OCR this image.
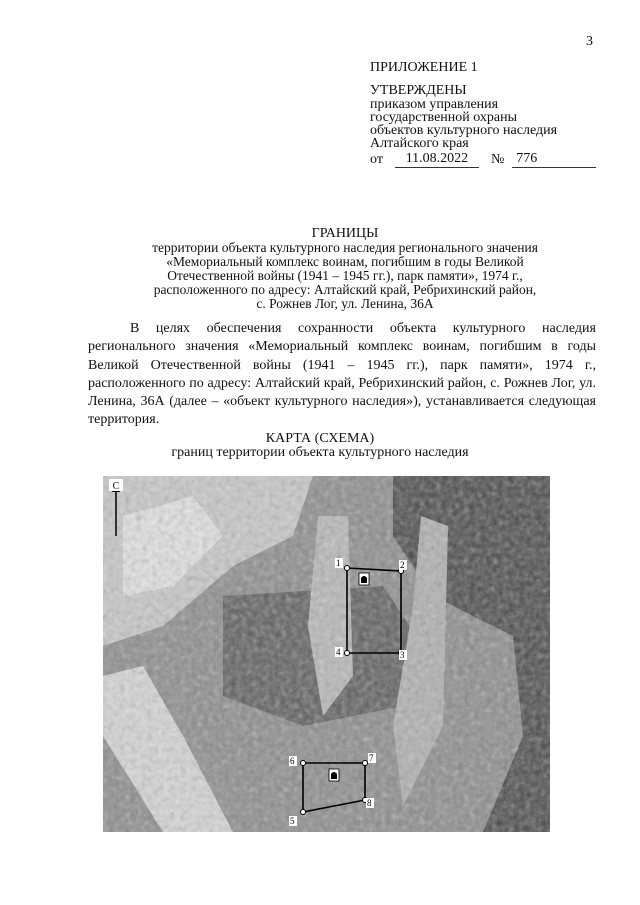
3
ПРИЛОЖЕНИЕ 1
УТВЕРЖДЕНЫ
приказом управления
государственной охраны
объектов культурного наследия
Алтайского края
от	11.08.2022	№ 776
ГРАНИЦЫ
территории объекта культурного наследия регионального значения
«Мемориальный комплекс воинам, погибшим в годы Великой
Отечественной войны (1941 – 1945 гг.), парк памяти», 1974 г.,
расположенного по адресу: Алтайский край, Ребрихинский район,
с. Рожнев Лог, ул. Ленина, 36А
В целях обеспечения сохранности объекта культурного наследия регионального значения «Мемориальный комплекс воинам, погибшим в годы Великой Отечественной войны (1941 – 1945 гг.), парк памяти», 1974 г., расположенного по адресу: Алтайский край, Ребрихинский район, с. Рожнев Лог, ул. Ленина, 36А (далее – «объект культурного наследия»), устанавливается следующая территория.
КАРТА (СХЕМА)
границ территории объекта культурного наследия
С
1	2
3
4
5
6	7
8
